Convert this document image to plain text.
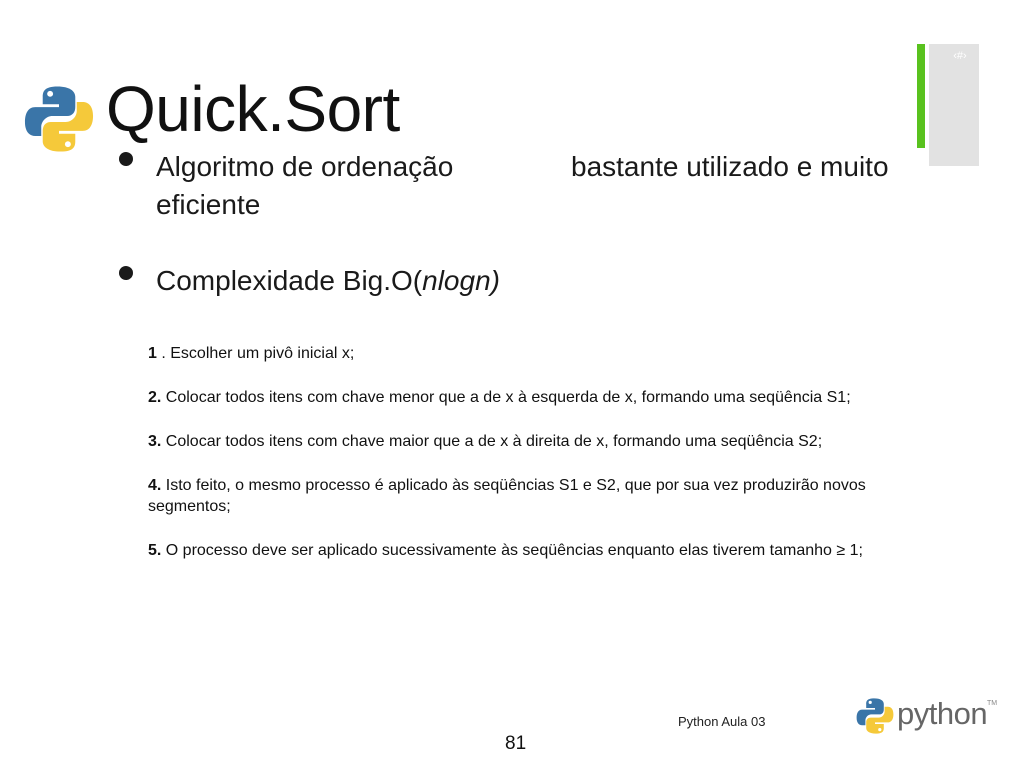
‹#›
Quick.Sort
Algoritmo de ordenação	bastante utilizado e muito
eficiente
Complexidade Big.O(nlogn)

1 . Escolher um pivô inicial x;

2. Colocar todos itens com chave menor que a de x à esquerda de x, formando uma seqüência S1;

3. Colocar todos itens com chave maior que a de x à direita de x, formando uma seqüência S2;

4. Isto feito, o mesmo processo é aplicado às seqüências S1 e S2, que por sua vez produzirão novos segmentos;

5. O processo deve ser aplicado sucessivamente às seqüências enquanto elas tiverem tamanho ≥ 1;

Python Aula 03
81
python TM
